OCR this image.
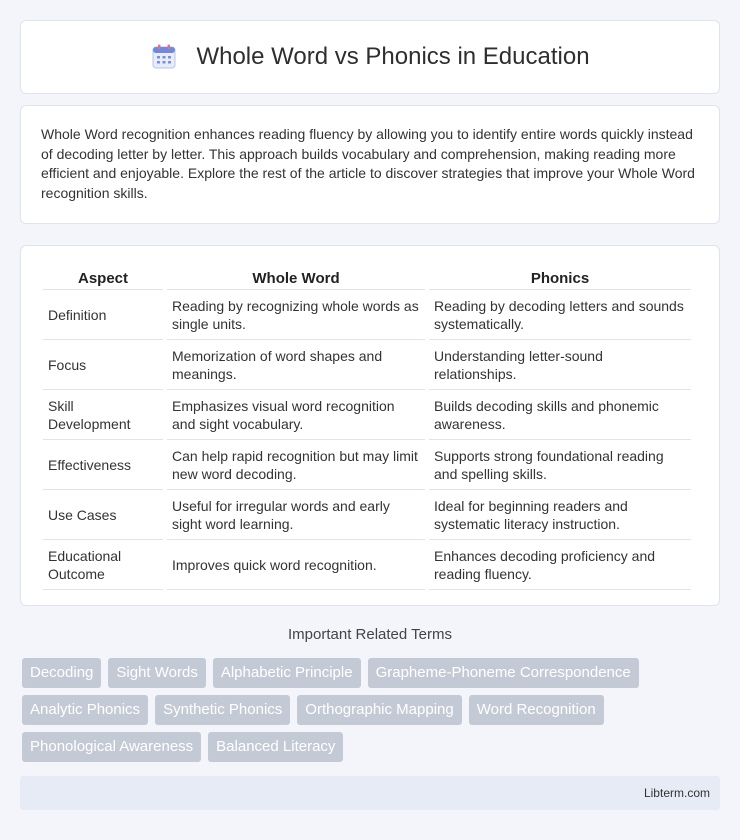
Whole Word vs Phonics in Education

Whole Word recognition enhances reading fluency by allowing you to identify entire words quickly instead of decoding letter by letter. This approach builds vocabulary and comprehension, making reading more efficient and enjoyable. Explore the rest of the article to discover strategies that improve your Whole Word recognition skills.

Aspect	Whole Word	Phonics
Definition	Reading by recognizing whole words as single units.	Reading by decoding letters and sounds systematically.
Focus	Memorization of word shapes and meanings.	Understanding letter-sound relationships.
Skill Development	Emphasizes visual word recognition and sight vocabulary.	Builds decoding skills and phonemic awareness.
Effectiveness	Can help rapid recognition but may limit new word decoding.	Supports strong foundational reading and spelling skills.
Use Cases	Useful for irregular words and early sight word learning.	Ideal for beginning readers and systematic literacy instruction.
Educational Outcome	Improves quick word recognition.	Enhances decoding proficiency and reading fluency.
Important Related Terms
Decoding	Sight Words	Alphabetic Principle	Grapheme-Phoneme Correspondence
Analytic Phonics	Synthetic Phonics	Orthographic Mapping	Word Recognition
Phonological Awareness	Balanced Literacy
Libterm.com
